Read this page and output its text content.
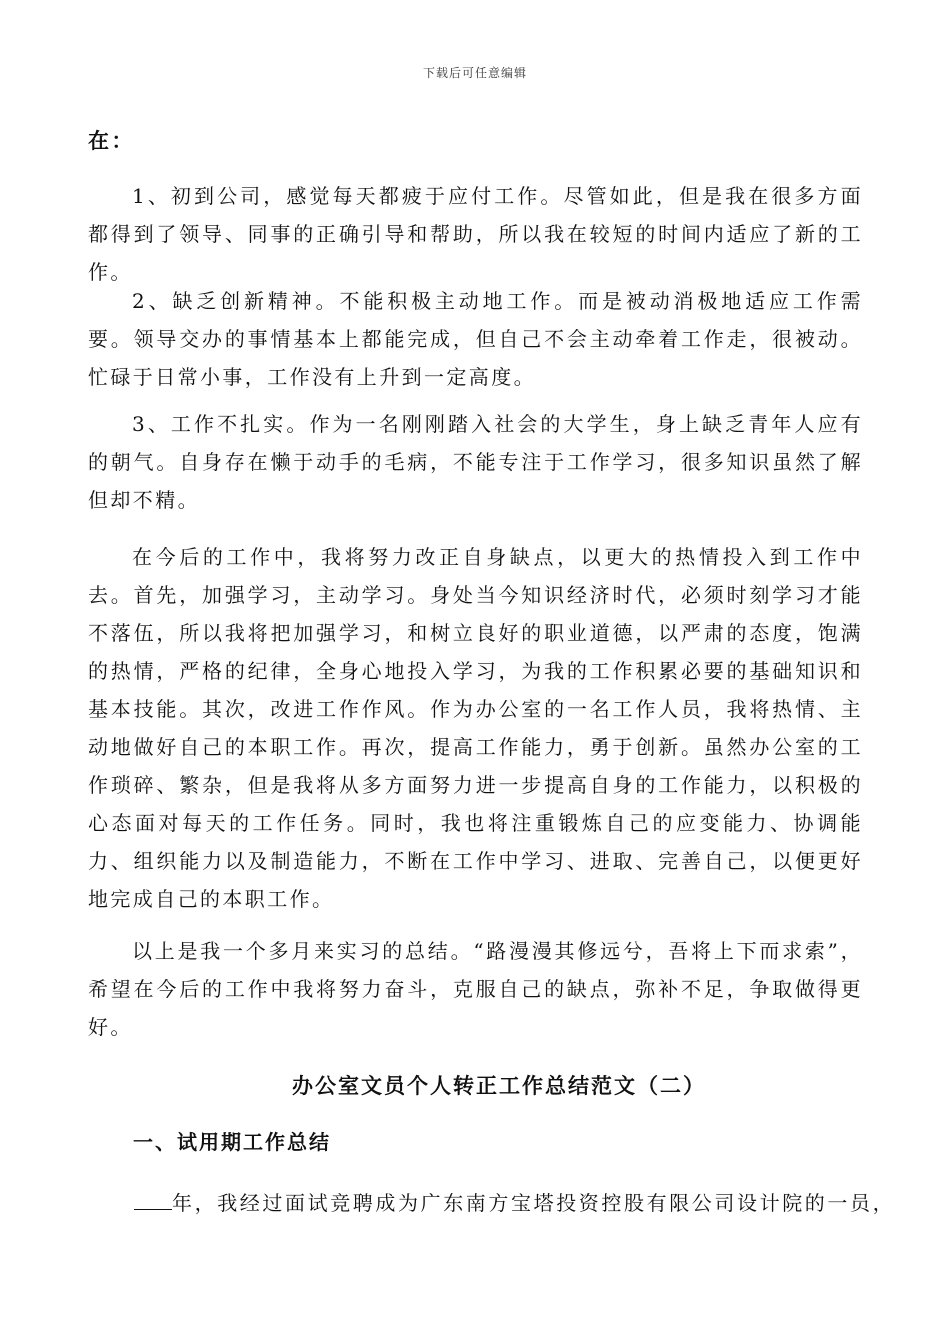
下载后可任意编辑
在：
1、初到公司，感觉每天都疲于应付工作。尽管如此，但是我在很多方面都得到了领导、同事的正确引导和帮助，所以我在较短的时间内适应了新的工作。
2、缺乏创新精神。不能积极主动地工作。而是被动消极地适应工作需要。领导交办的事情基本上都能完成，但自己不会主动牵着工作走，很被动。忙碌于日常小事，工作没有上升到一定高度。
3、工作不扎实。作为一名刚刚踏入社会的大学生，身上缺乏青年人应有的朝气。自身存在懒于动手的毛病，不能专注于工作学习，很多知识虽然了解但却不精。
在今后的工作中，我将努力改正自身缺点，以更大的热情投入到工作中去。首先，加强学习，主动学习。身处当今知识经济时代，必须时刻学习才能不落伍，所以我将把加强学习，和树立良好的职业道德，以严肃的态度，饱满的热情，严格的纪律，全身心地投入学习，为我的工作积累必要的基础知识和基本技能。其次，改进工作作风。作为办公室的一名工作人员，我将热情、主动地做好自己的本职工作。再次，提高工作能力，勇于创新。虽然办公室的工作琐碎、繁杂，但是我将从多方面努力进一步提高自身的工作能力，以积极的心态面对每天的工作任务。同时，我也将注重锻炼自己的应变能力、协调能力、组织能力以及制造能力，不断在工作中学习、进取、完善自己，以便更好地完成自己的本职工作。
以上是我一个多月来实习的总结。“路漫漫其修远兮，吾将上下而求索”，希望在今后的工作中我将努力奋斗，克服自己的缺点，弥补不足，争取做得更好。
办公室文员个人转正工作总结范文（二）
一、试用期工作总结
年，我经过面试竞聘成为广东南方宝塔投资控股有限公司设计院的一员，
